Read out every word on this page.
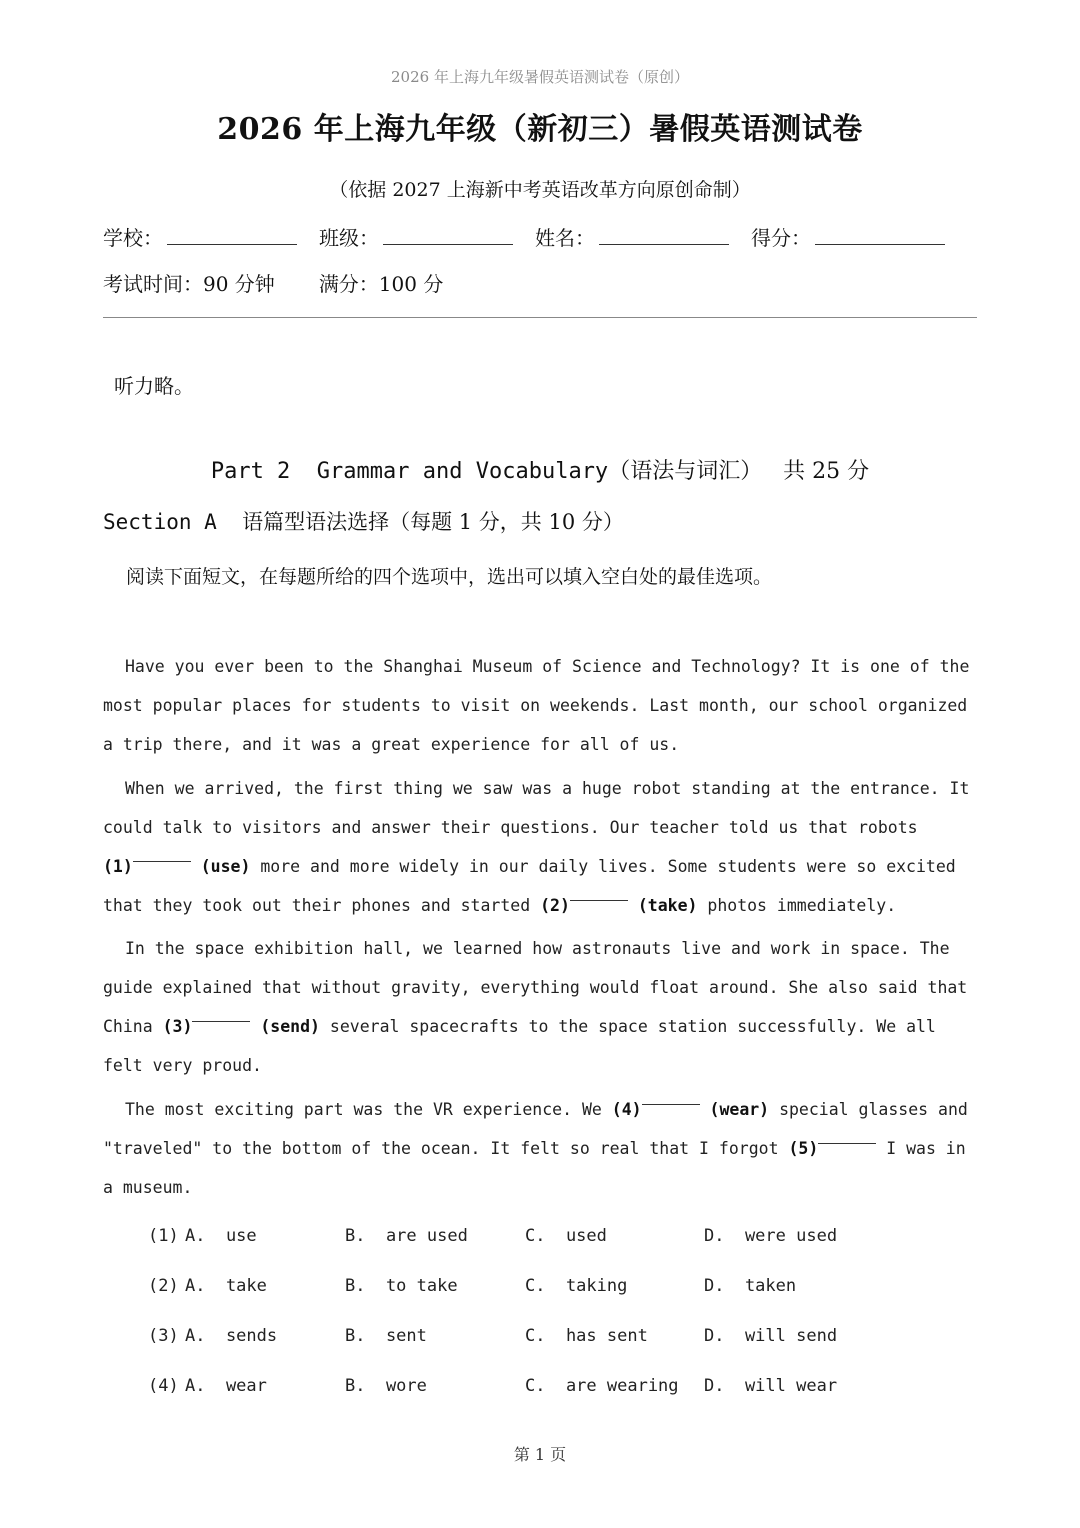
2026 年上海九年级暑假英语测试卷（原创）
2026 年上海九年级（新初三）暑假英语测试卷
（依据 2027 上海新中考英语改革方向原创命制）
学校：	班级：	姓名：	得分：
考试时间：90 分钟 满分：100 分
听力略。
Part 2  Grammar and Vocabulary（语法与词汇）   共 25 分
Section A  语篇型语法选择（每题 1 分，共 10 分）
阅读下面短文，在每题所给的四个选项中，选出可以填入空白处的最佳选项。
Have you ever been to the Shanghai Museum of Science and Technology? It is one of the
most popular places for students to visit on weekends. Last month, our school organized
a trip there, and it was a great experience for all of us.
When we arrived, the first thing we saw was a huge robot standing at the entrance. It
could talk to visitors and answer their questions. Our teacher told us that robots
(1)
	(use)
more and more widely in our daily lives. Some students were so excited
that they took out their phones and started
(2)
	(take)
photos immediately.
In the space exhibition hall, we learned how astronauts live and work in space. The
guide explained that without gravity, everything would float around. She also said that
China
(3)
	(send)
several spacecrafts to the space station successfully. We all
felt very proud.
The most exciting part was the VR experience. We
(4)
	(wear)
special glasses and
"traveled" to the bottom of the ocean. It felt so real that I forgot
(5)
	I was in
a museum.
(1) A.  use	B.  are used	C.  used	D.  were used
(2) A.  take	B.  to take	C.  taking	D.  taken
(3) A.  sends	B.  sent	C.  has sent	D.  will send
(4) A.  wear	B.  wore	C.  are wearing D.  will wear
第 1 页
